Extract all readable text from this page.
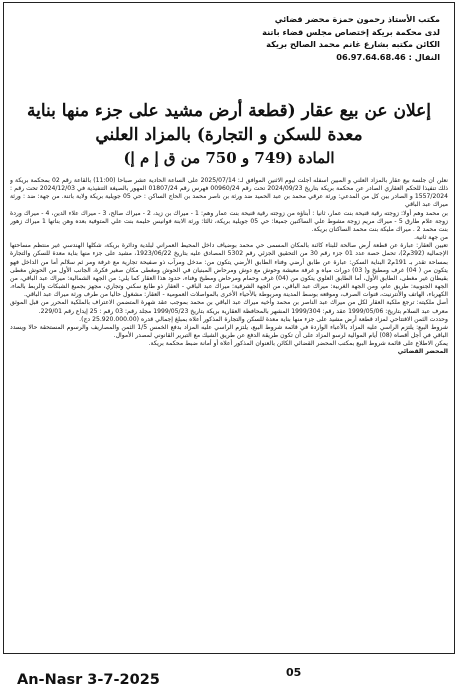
مكتب الأستاذ رحمون حمزة محضر قضائي
لدى محكمة بريكة إختصاص مجلس قضاء باتنة
الكائن مكتبه بشارع غانم محمد الصالح بريكة
النقال : 06.97.64.68.46
إعلان عن بيع عقار (قطعة أرض مشيد على جزء منها بناية
معدة للسكن و التجارة) بالمزاد العلني
المادة (749 و 750 من ق إ م إ)

نعلن أن جلسة بيع عقار بالمزاد العلني و المبين أسفله أجلت ليوم الاثنين الموافق لـ: 2025/07/14 على الساعة الحادية عشر صباحا (11:00) بالقاعة رقم 02 بمحكمة بريكة و ذلك تنفيذا للحكم العقاري الصادر عن محكمة بريكة بتاريخ 2024/09/23 تحت رقم 00960/24 فهرس رقم 01807/24 المهور بالصيغة التنفيذية في 2024/12/03 تحت رقم : 1557/2024 و الصادر بين كل من المدعي: ورثة عرقي محمد بن عبد الحميد ضد ورثة بن ناصر محمد بن الحاج الساكن : حي 05 جويلية بريكة ولاية باتنة. من جهة: ضد : ورثة ميراك عبد الباقي

بن محمد وهم أولا: زوجته رقية قنيحة بنت عمار، ثانيا : أبناؤه من زوجته رقية قنيحة بنت عمار وهم: 1 - ميراك بن زيد، 2 - ميراك صالح، 3 - ميراك علاء الدين، 4 - ميراك وردة زوجة علام طارق 5 - ميراك مريم زوجة مشوط علي الساكنين جميعا: حي 05 جويلية بريكة، ثالثا: ورثة الابنة فوانيس حليمة بنت علي المتوفية بعده وهن بناتها 1 ميراك زهور بنت محمد 2 . ميراك مليكة بنت محمد الساكنان بريكة.

من جهة ثانية.

تعيين العقار: عبارة عن قطعة أرض صالحة للبناء كائنة بالمكان المسمى حي محمد بوضياف داخل المحيط العمراني لبلدية ودائرة بريكة، شكلها الهندسي غير منتظم مساحتها الإجمالية (392م2)، تحمل حصة عدد 01 جزء رقم 30 من التحقيق الجزئي رقم 5302 المصادق عليه بتاريخ 1923/06/22، مشيد على جزء منها بناية معدة للسكن والتجارة بمساحة تقدر بـ 191م2 البناية السكن: عبارة عن طابق أرضي وفناء الطابق الأرضي يتكون من: مدخل ومرآب ذو صفيحة تجارية مع غرفة ومر ثم سلالم أما من الداخل فهو يتكون من ( 04) غرف ومطبخ و( 03) دورات مياه و غرفة معيشة وحوش مع دوش ومرحاض المبنيان في الحوش ومغطى مكان صغير فكرة، الجانب الأول من الحوش مغطى بقيطان غير مغطى، الطابق الأول، أما الطابق العلوي يتكون من (04) غرف وحمام ومرحاض ومطبخ وفناء، حدود هذا العقار كما يلي: من الجهة الشمالية: ميراك عبد الباقي، من الجهة الجنوبية: طريق عام، ومن الجهة الغربية: ميراك عبد الباقي، من الجهة الشرقية: ميراك عبد الباقي - العقار ذو طابع سكني وتجاري، مجهز بجميع الشبكات والربط بالماء، الكهرباء، الهاتف والأنترنيت، قنوات الصرف، وموقعه بوسط المدينة ومربوطة بالأحياء الأخرى بالمواصلات العمومية - العقار: مشغول حاليا من طرف ورثة ميراك عبد الباقي.

أصل ملكيته: ترجع ملكية العقار لكل من ميراك عبد الناصر بن محمد وأخيه ميراك عبد الباقي بن محمد بموجب عقد شهرة المتضمن الاعتراف بالملكية المحرر من قبل الموثق معرف عبد السلام بتاريخ: 1999/05/06 عقد رقم: 1999/304 المشهر بالمحافظة العقارية بريكة بتاريخ 1999/05/23 مجلد رقم: 03 رقم : 25 إيداع رقم 229/01.

وحددت الثمن الافتتاحي لمزاد قطعة أرض مشيد على جزء منها بناية معدة للسكن والتجارة المذكور أعلاه بمبلغ إجمالي قدره (25.920.000.00 دج).

شروط البيع: يلتزم الراسي عليه المزاد بالأعباء الواردة في قائمة شروط البيع، يلتزم الراسي عليه المزاد بدفع الخمس 1/5 الثمن والمصاريف والرسوم المستحقة حالا ويسدد الباقي في أجل أقصاه (08) أيام الموالية لرسو المزاد على أن تكون طريقة الدفع عن طريق الشيك مع التبرير القانوني لمصدر الأموال.

يمكن الاطلاع على قائمة شروط البيع بمكتب المحضر القضائي الكائن بالعنوان المذكور أعلاه أو أمانة ضبط محكمة بريكة.

المحضر القضائي

An-Nasr 3-7-2025	05
